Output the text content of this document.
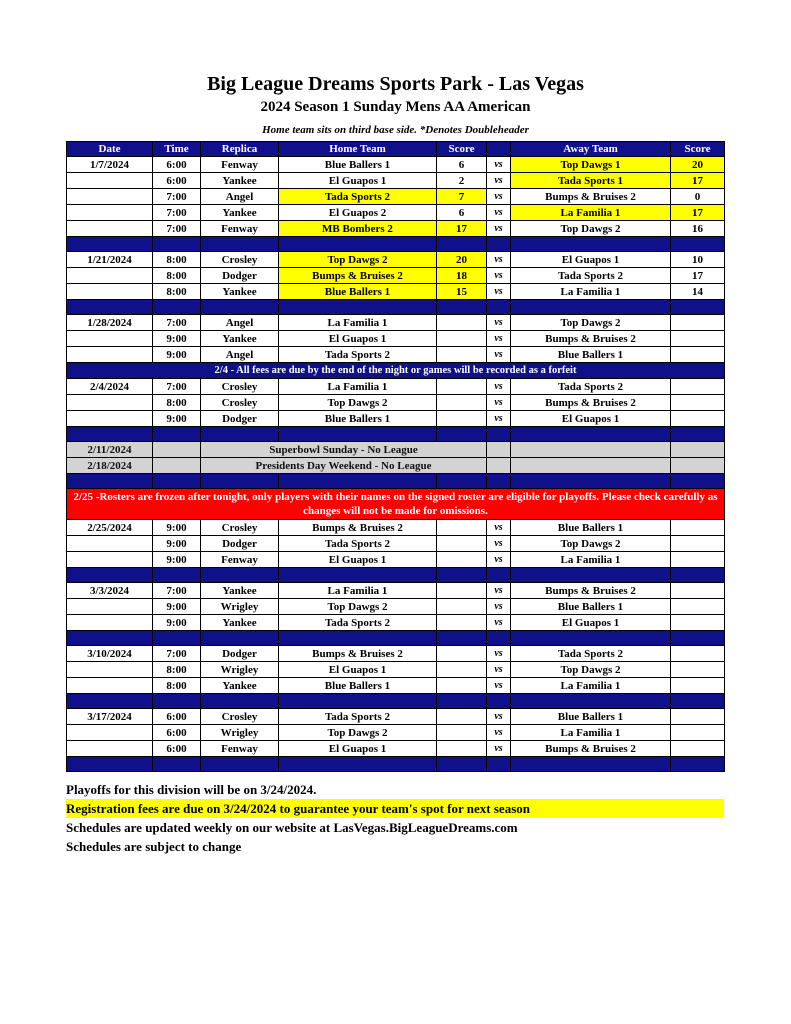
Big League Dreams Sports Park - Las Vegas
2024 Season 1 Sunday Mens AA American
Home team sits on third base side. *Denotes Doubleheader
Date	Time	Replica	Home Team	Score		Away Team	Score
1/7/2024	6:00	Fenway	Blue Ballers 1	6	vs	Top Dawgs 1	20
	6:00	Yankee	El Guapos 1	2	vs	Tada Sports 1	17
	7:00	Angel	Tada Sports 2	7	vs	Bumps & Bruises 2	0
	7:00	Yankee	El Guapos 2	6	vs	La Familia 1	17
	7:00	Fenway	MB Bombers 2	17	vs	Top Dawgs 2	16

1/21/2024	8:00	Crosley	Top Dawgs 2	20	vs	El Guapos 1	10
	8:00	Dodger	Bumps & Bruises 2	18	vs	Tada Sports 2	17
	8:00	Yankee	Blue Ballers 1	15	vs	La Familia 1	14

1/28/2024	7:00	Angel	La Familia 1		vs	Top Dawgs 2	
	9:00	Yankee	El Guapos 1		vs	Bumps & Bruises 2	
	9:00	Angel	Tada Sports 2		vs	Blue Ballers 1	
2/4 - All fees are due by the end of the night or games will be recorded as a forfeit							
2/4/2024	7:00	Crosley	La Familia 1		vs	Tada Sports 2	
	8:00	Crosley	Top Dawgs 2		vs	Bumps & Bruises 2	
	9:00	Dodger	Blue Ballers 1		vs	El Guapos 1	

2/11/2024		Superbowl Sunday - No League					
2/18/2024		Presidents Day Weekend - No League					

2/25 -Rosters are frozen after tonight, only players with their names on the signed roster are eligible for playoffs. Please check carefully as changes will not be made for omissions.							
2/25/2024	9:00	Crosley	Bumps & Bruises 2		vs	Blue Ballers 1	
	9:00	Dodger	Tada Sports 2		vs	Top Dawgs 2	
	9:00	Fenway	El Guapos 1		vs	La Familia 1	

3/3/2024	7:00	Yankee	La Familia 1		vs	Bumps & Bruises 2	
	9:00	Wrigley	Top Dawgs 2		vs	Blue Ballers 1	
	9:00	Yankee	Tada Sports 2		vs	El Guapos 1	

3/10/2024	7:00	Dodger	Bumps & Bruises 2		vs	Tada Sports 2	
	8:00	Wrigley	El Guapos 1		vs	Top Dawgs 2	
	8:00	Yankee	Blue Ballers 1		vs	La Familia 1	

3/17/2024	6:00	Crosley	Tada Sports 2		vs	Blue Ballers 1	
	6:00	Wrigley	Top Dawgs 2		vs	La Familia 1	
	6:00	Fenway	El Guapos 1		vs	Bumps & Bruises 2	

Playoffs for this division will be on 3/24/2024.
Registration fees are due on 3/24/2024 to guarantee your team's spot for next season
Schedules are updated weekly on our website at LasVegas.BigLeagueDreams.com
Schedules are subject to change
